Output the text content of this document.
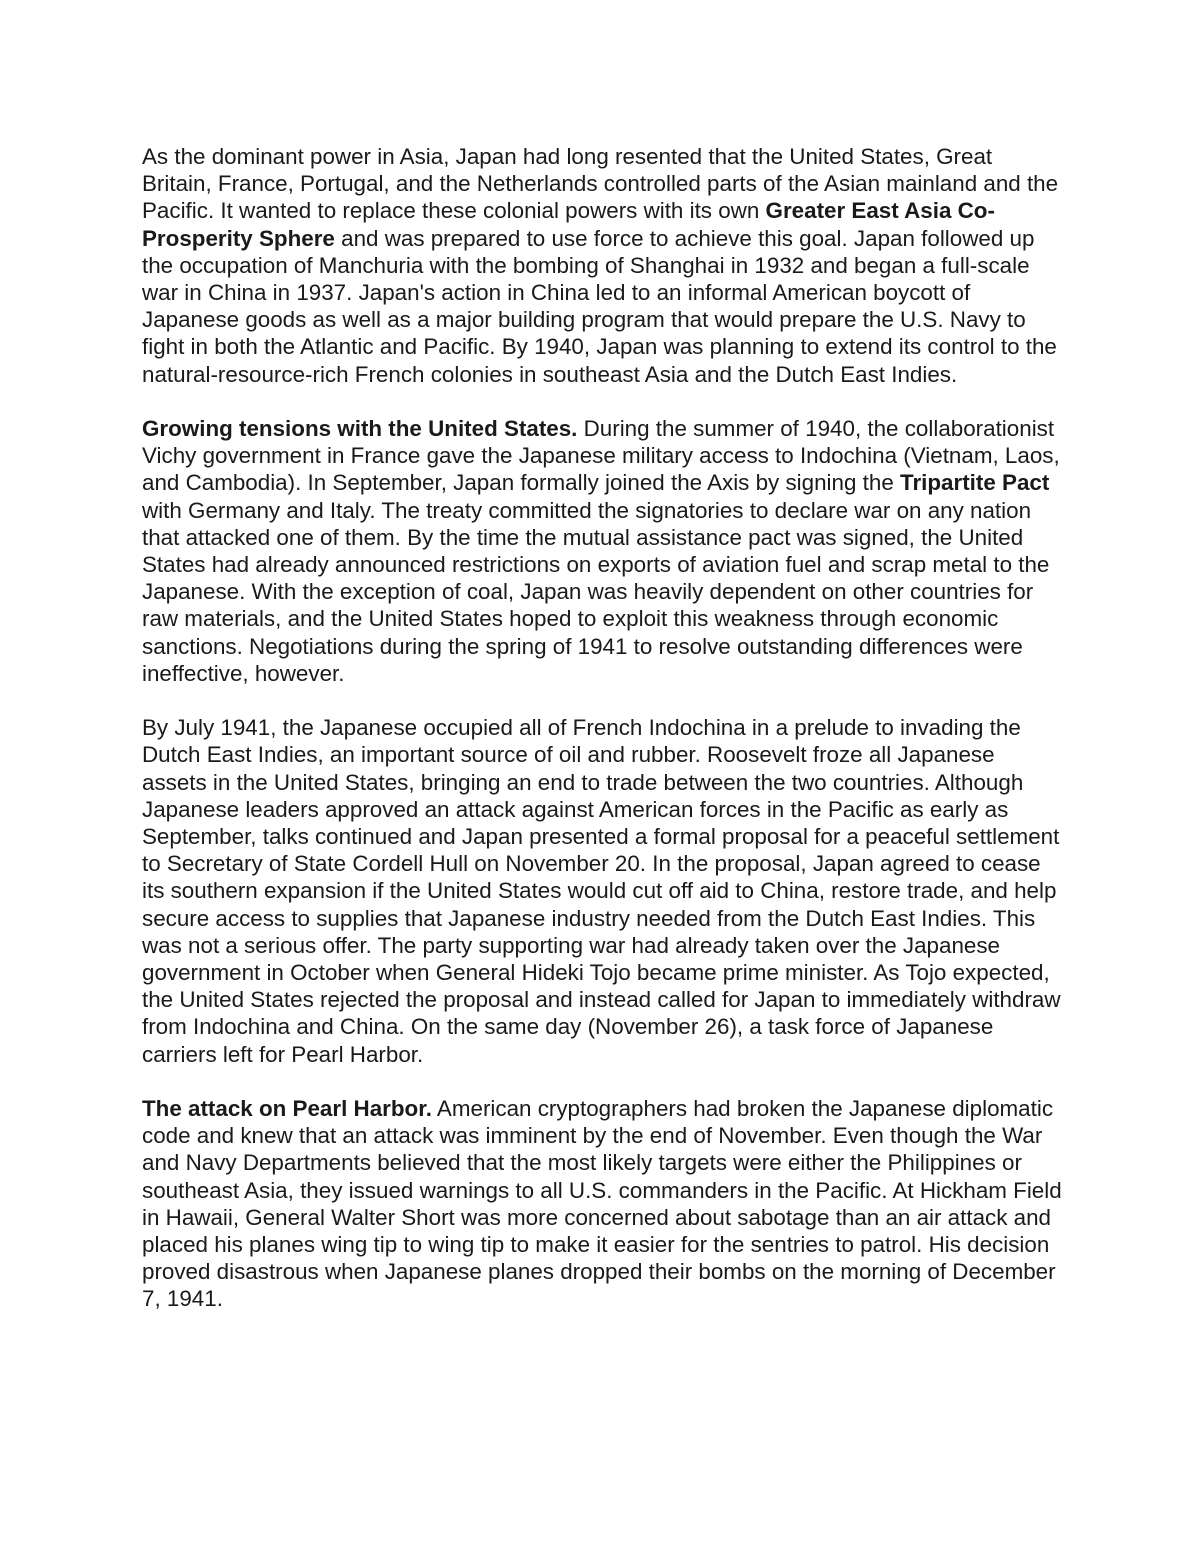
As the dominant power in Asia, Japan had long resented that the United States, Great Britain, France, Portugal, and the Netherlands controlled parts of the Asian mainland and the Pacific. It wanted to replace these colonial powers with its own Greater East Asia Co-Prosperity Sphere and was prepared to use force to achieve this goal. Japan followed up the occupation of Manchuria with the bombing of Shanghai in 1932 and began a full-scale war in China in 1937. Japan's action in China led to an informal American boycott of Japanese goods as well as a major building program that would prepare the U.S. Navy to fight in both the Atlantic and Pacific. By 1940, Japan was planning to extend its control to the natural-resource-rich French colonies in southeast Asia and the Dutch East Indies.

Growing tensions with the United States. During the summer of 1940, the collaborationist Vichy government in France gave the Japanese military access to Indochina (Vietnam, Laos, and Cambodia). In September, Japan formally joined the Axis by signing the Tripartite Pact with Germany and Italy. The treaty committed the signatories to declare war on any nation that attacked one of them. By the time the mutual assistance pact was signed, the United States had already announced restrictions on exports of aviation fuel and scrap metal to the Japanese. With the exception of coal, Japan was heavily dependent on other countries for raw materials, and the United States hoped to exploit this weakness through economic sanctions. Negotiations during the spring of 1941 to resolve outstanding differences were ineffective, however.

By July 1941, the Japanese occupied all of French Indochina in a prelude to invading the Dutch East Indies, an important source of oil and rubber. Roosevelt froze all Japanese assets in the United States, bringing an end to trade between the two countries. Although Japanese leaders approved an attack against American forces in the Pacific as early as September, talks continued and Japan presented a formal proposal for a peaceful settlement to Secretary of State Cordell Hull on November 20. In the proposal, Japan agreed to cease its southern expansion if the United States would cut off aid to China, restore trade, and help secure access to supplies that Japanese industry needed from the Dutch East Indies. This was not a serious offer. The party supporting war had already taken over the Japanese government in October when General Hideki Tojo became prime minister. As Tojo expected, the United States rejected the proposal and instead called for Japan to immediately withdraw from Indochina and China. On the same day (November 26), a task force of Japanese carriers left for Pearl Harbor.

The attack on Pearl Harbor. American cryptographers had broken the Japanese diplomatic code and knew that an attack was imminent by the end of November. Even though the War and Navy Departments believed that the most likely targets were either the Philippines or southeast Asia, they issued warnings to all U.S. commanders in the Pacific. At Hickham Field in Hawaii, General Walter Short was more concerned about sabotage than an air attack and placed his planes wing tip to wing tip to make it easier for the sentries to patrol. His decision proved disastrous when Japanese planes dropped their bombs on the morning of December 7, 1941.
